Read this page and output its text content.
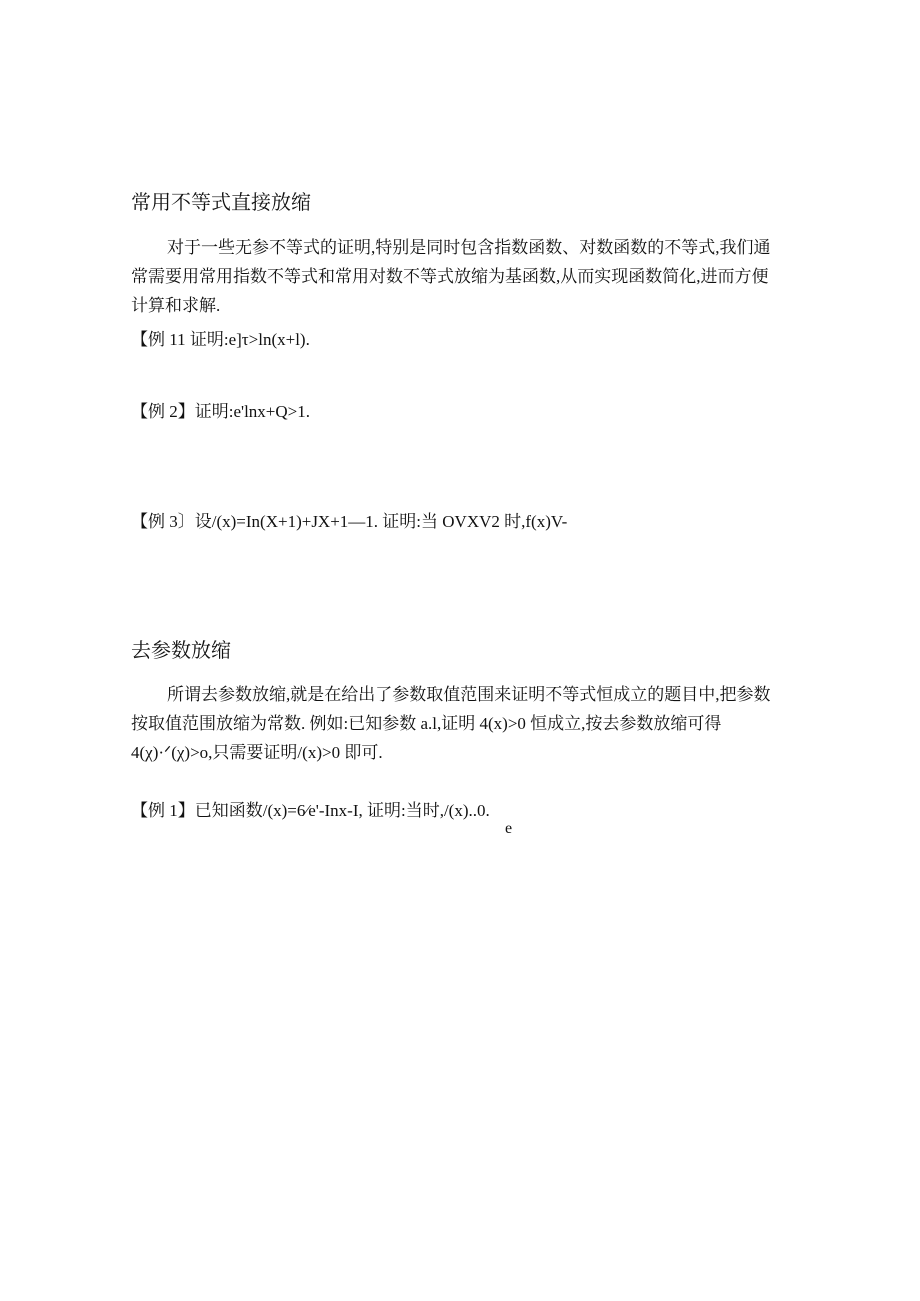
常用不等式直接放缩
对于一些无参不等式的证明,特别是同时包含指数函数、对数函数的不等式,我们通
常需要用常用指数不等式和常用对数不等式放缩为基函数,从而实现函数简化,进而方便
计算和求解.
【例 11 证明:e]τ>ln(x+l).
【例 2】证明:e'lnx+Q>1.
【例 3〕设/(x)=In(X+1)+JX+1—1. 证明:当 OVXV2 时,f(x)V-
去参数放缩
所谓去参数放缩,就是在给出了参数取值范围来证明不等式恒成立的题目中,把参数
按取值范围放缩为常数. 例如:已知参数 a.l,证明 4(x)>0 恒成立,按去参数放缩可得
4(χ)·ᐟ(χ)>o,只需要证明/(x)>0 即可.
【例 1】已知函数/(x)=6⁄e'-Inx-I, 证明:当时,/(x)..0.
e
